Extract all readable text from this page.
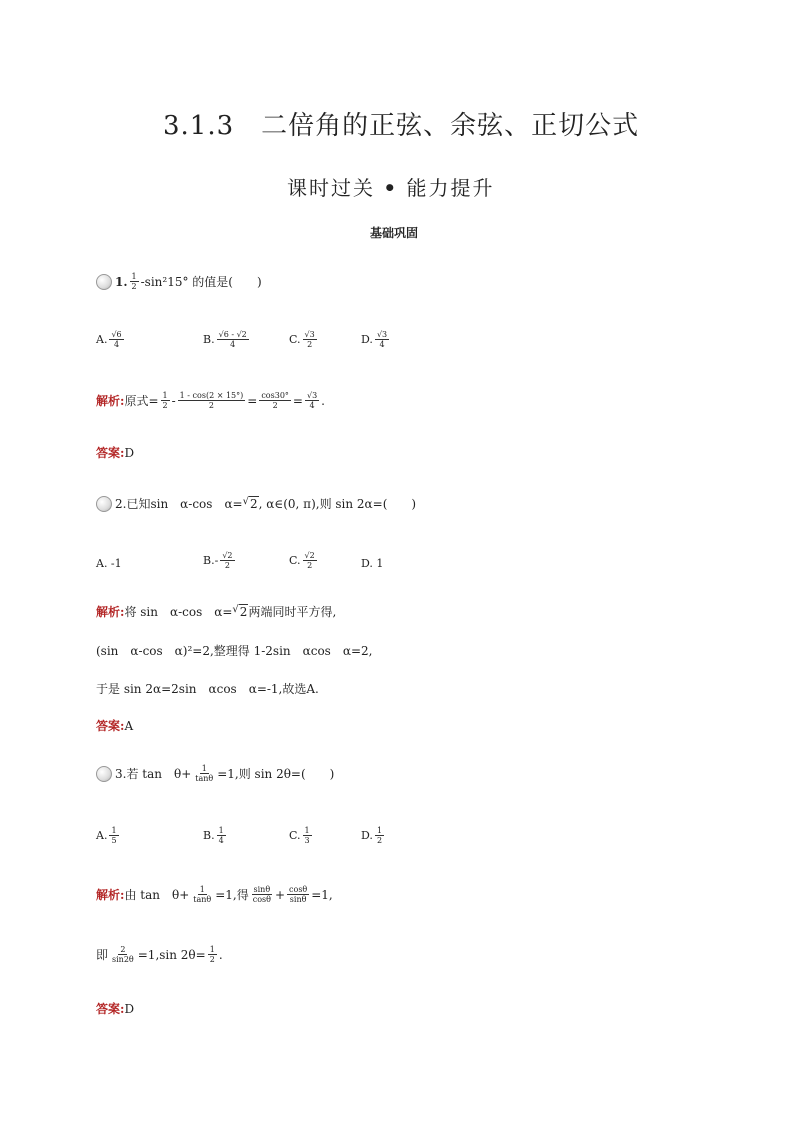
3.1.3　二倍角的正弦、余弦、正切公式
课时过关 • 能力提升
基础巩固
1. $\frac{1}{2} -\sin^215^\circ$ 的值是(　　)
A. $\frac{√6}{4}$	B. $\frac{√6 - √2}{4}$	C. $\frac{√3}{2}$	D. $\frac{√3}{4}$
解析 : 原式= $\frac{1}{2} - \frac{1 - \cos(2 \times 15^\circ)}{2} = \frac{\cos 30^\circ}{2} = \frac{√3}{4}$ .
答案 : D
2. 已知sin　α-cos　α= √ 2 , α∈(0, π),则 sin 2α=(　　)
A. -1	B. - $\frac{√2}{2}$	C. $\frac{√2}{2}$	D. 1
解析 : 将 sin　α-cos　α= √ 2 两端同时平方得,
(sin　α-cos　α)²=2,整理得 1-2sin　αcos　α=2,
于是 sin 2α=2sin　αcos　α=-1,故选A.
答案 : A
3. 若 tan　$\theta+ \frac{1}{\tan\theta} =1$,则 sin 2θ=(　　)
A. $\frac{1}{5}$	B. $\frac{1}{4}$	C. $\frac{1}{3}$	D. $\frac{1}{2}$
解析 : 由 tan　$\theta+ \frac{1}{\tan\theta} =1$,得 $\frac{\sin\theta}{\cos\theta} + \frac{\cos\theta}{\sin\theta} =1$,
即 $\frac{2}{\sin 2\theta} =1,\sin$ $2\theta= \frac{1}{2}$ .
答案 : D
